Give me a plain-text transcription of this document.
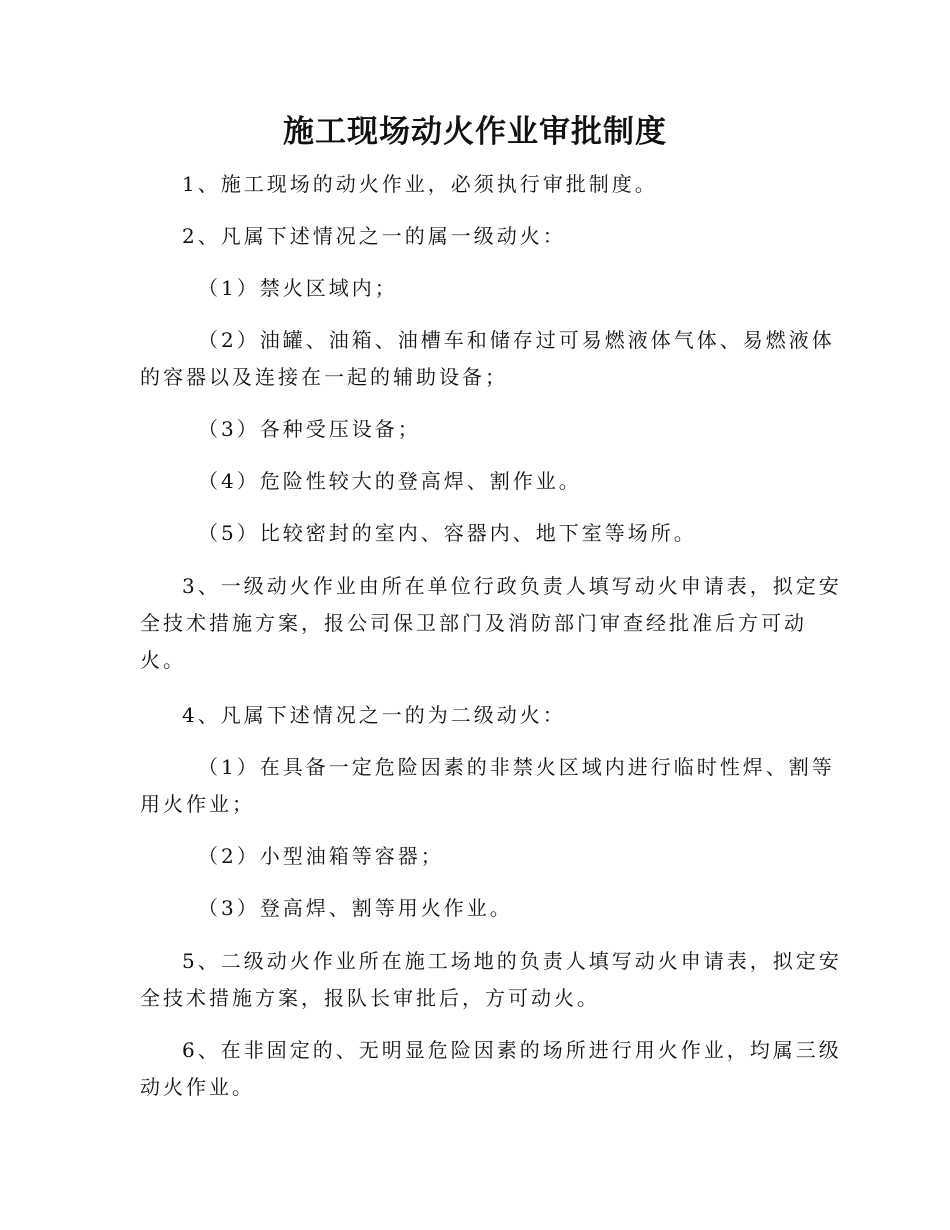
施工现场动火作业审批制度

1、施工现场的动火作业，必须执行审批制度。

2、凡属下述情况之一的属一级动火：

（1）禁火区域内；

（2）油罐、油箱、油槽车和储存过可易燃液体气体、易燃液体
的容器以及连接在一起的辅助设备；

（3）各种受压设备；

（4）危险性较大的登高焊、割作业。

（5）比较密封的室内、容器内、地下室等场所。

3、一级动火作业由所在单位行政负责人填写动火申请表，拟定安
全技术措施方案，报公司保卫部门及消防部门审查经批准后方可动
火。

4、凡属下述情况之一的为二级动火：

（1）在具备一定危险因素的非禁火区域内进行临时性焊、割等
用火作业；

（2）小型油箱等容器；

（3）登高焊、割等用火作业。

5、二级动火作业所在施工场地的负责人填写动火申请表，拟定安
全技术措施方案，报队长审批后，方可动火。

6、在非固定的、无明显危险因素的场所进行用火作业，均属三级
动火作业。
